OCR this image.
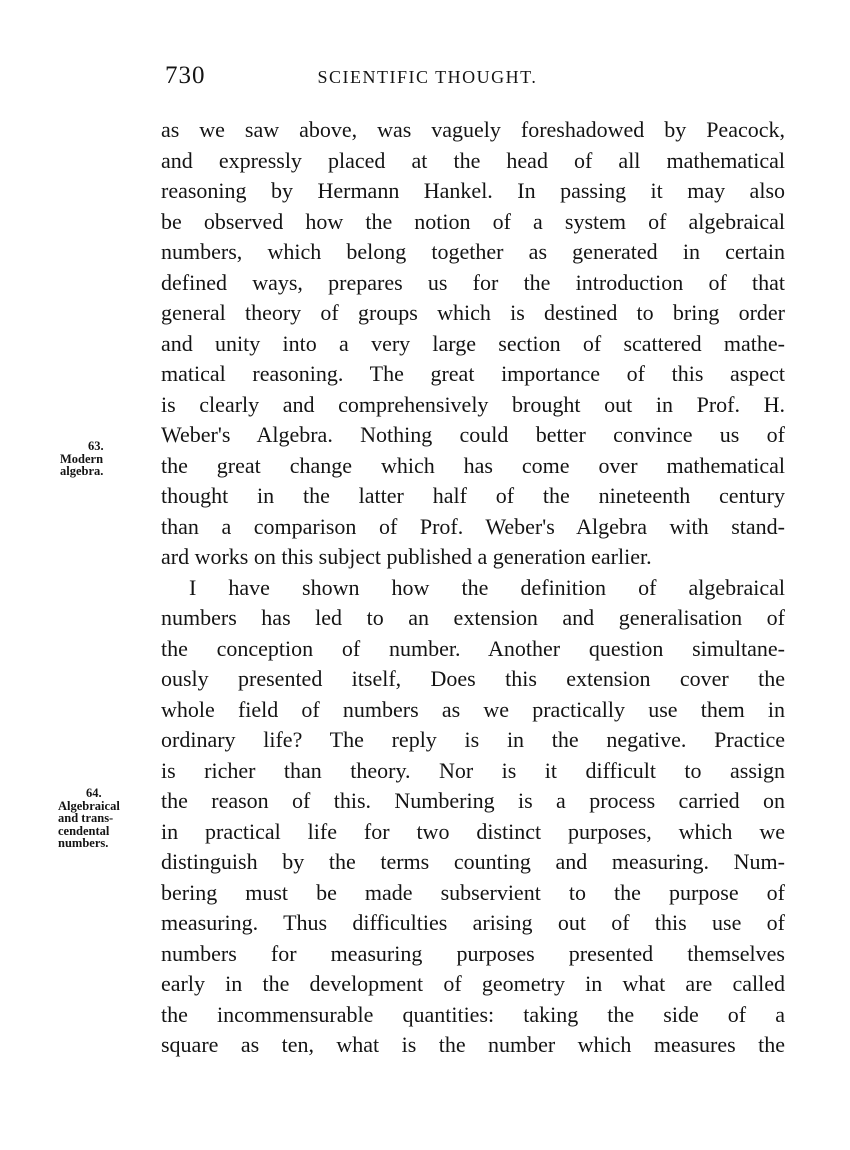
730	SCIENTIFIC THOUGHT.
63.
Modern
algebra.
64.
Algebraical
and trans-
cendental
numbers.
as we saw above, was vaguely foreshadowed by Peacock,
and expressly placed at the head of all mathematical
reasoning by Hermann Hankel. In passing it may also
be observed how the notion of a system of algebraical
numbers, which belong together as generated in certain
defined ways, prepares us for the introduction of that
general theory of groups which is destined to bring order
and unity into a very large section of scattered mathe-
matical reasoning. The great importance of this aspect
is clearly and comprehensively brought out in Prof. H.
Weber's Algebra. Nothing could better convince us of
the great change which has come over mathematical
thought in the latter half of the nineteenth century
than a comparison of Prof. Weber's Algebra with stand-
ard works on this subject published a generation earlier.
I have shown how the definition of algebraical
numbers has led to an extension and generalisation of
the conception of number. Another question simultane-
ously presented itself, Does this extension cover the
whole field of numbers as we practically use them in
ordinary life? The reply is in the negative. Practice
is richer than theory. Nor is it difficult to assign
the reason of this. Numbering is a process carried on
in practical life for two distinct purposes, which we
distinguish by the terms counting and measuring. Num-
bering must be made subservient to the purpose of
measuring. Thus difficulties arising out of this use of
numbers for measuring purposes presented themselves
early in the development of geometry in what are called
the incommensurable quantities: taking the side of a
square as ten, what is the number which measures the
